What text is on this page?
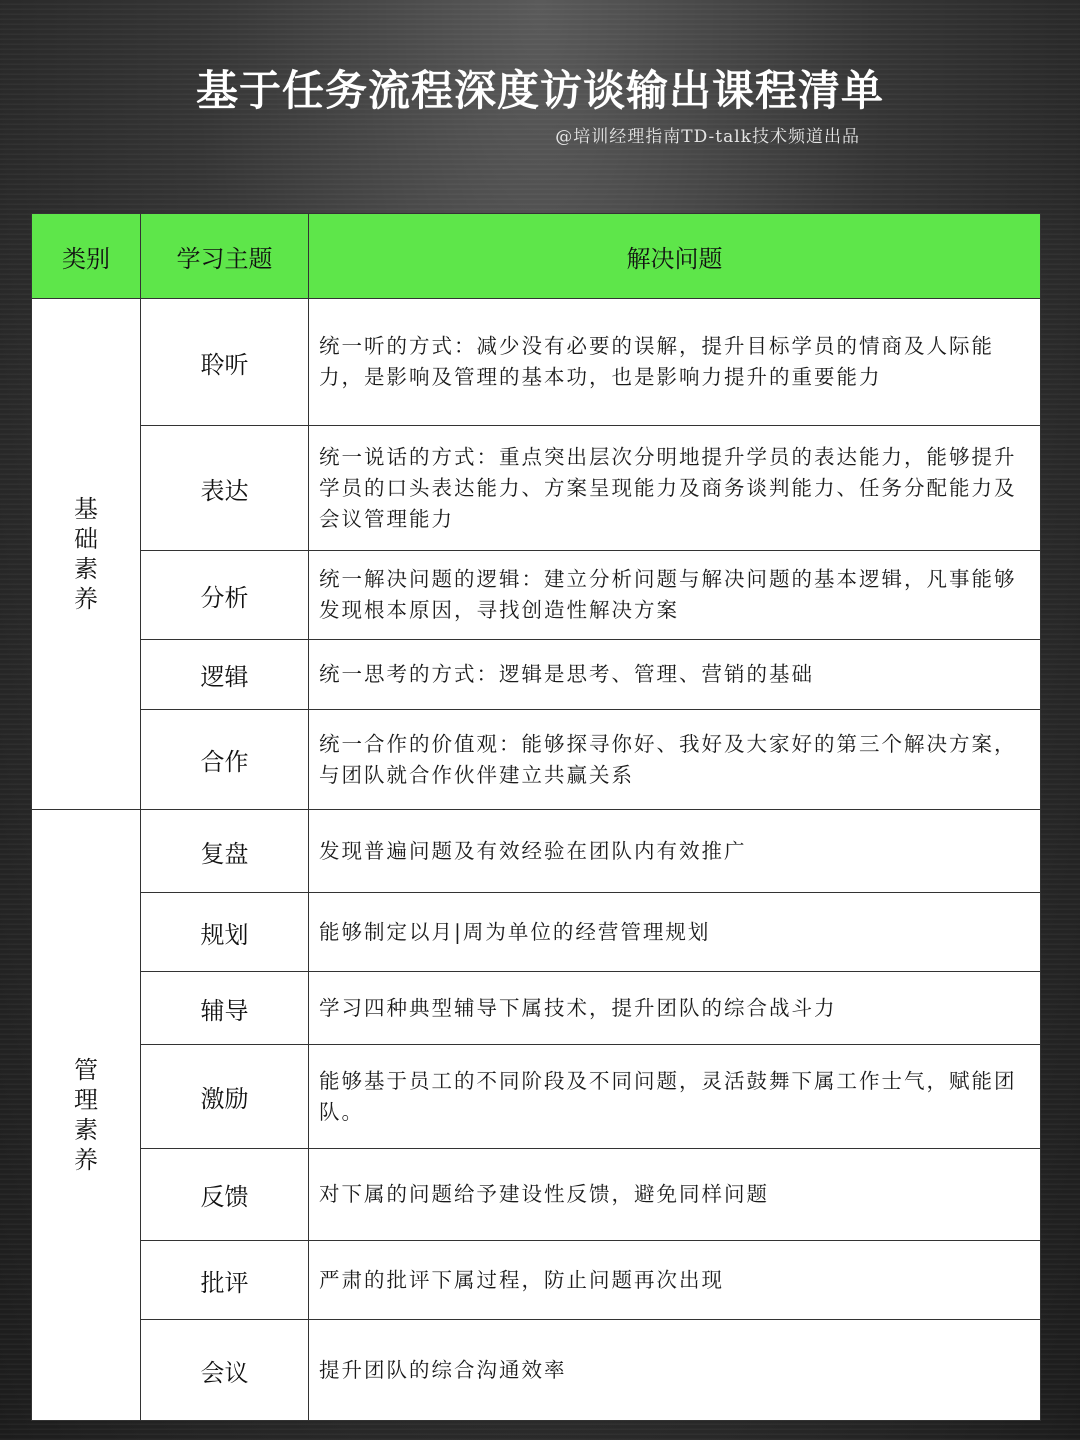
基于任务流程深度访谈输出课程清单
@培训经理指南TD-talk技术频道出品
类别	学习主题	解决问题

基础素养	聆听	统一听的方式：减少没有必要的误解，提升目标学员的情商及人际能力，是影响及管理的基本功，也是影响力提升的重要能力
	表达	统一说话的方式：重点突出层次分明地提升学员的表达能力，能够提升学员的口头表达能力、方案呈现能力及商务谈判能力、任务分配能力及会议管理能力
	分析	统一解决问题的逻辑：建立分析问题与解决问题的基本逻辑，凡事能够发现根本原因，寻找创造性解决方案
	逻辑	统一思考的方式：逻辑是思考、管理、营销的基础
	合作	统一合作的价值观：能够探寻你好、我好及大家好的第三个解决方案，与团队就合作伙伴建立共赢关系

管理素养	复盘	发现普遍问题及有效经验在团队内有效推广
	规划	能够制定以月|周为单位的经营管理规划
	辅导	学习四种典型辅导下属技术，提升团队的综合战斗力
	激励	能够基于员工的不同阶段及不同问题，灵活鼓舞下属工作士气，赋能团队。
	反馈	对下属的问题给予建设性反馈，避免同样问题
	批评	严肃的批评下属过程，防止问题再次出现
	会议	提升团队的综合沟通效率
